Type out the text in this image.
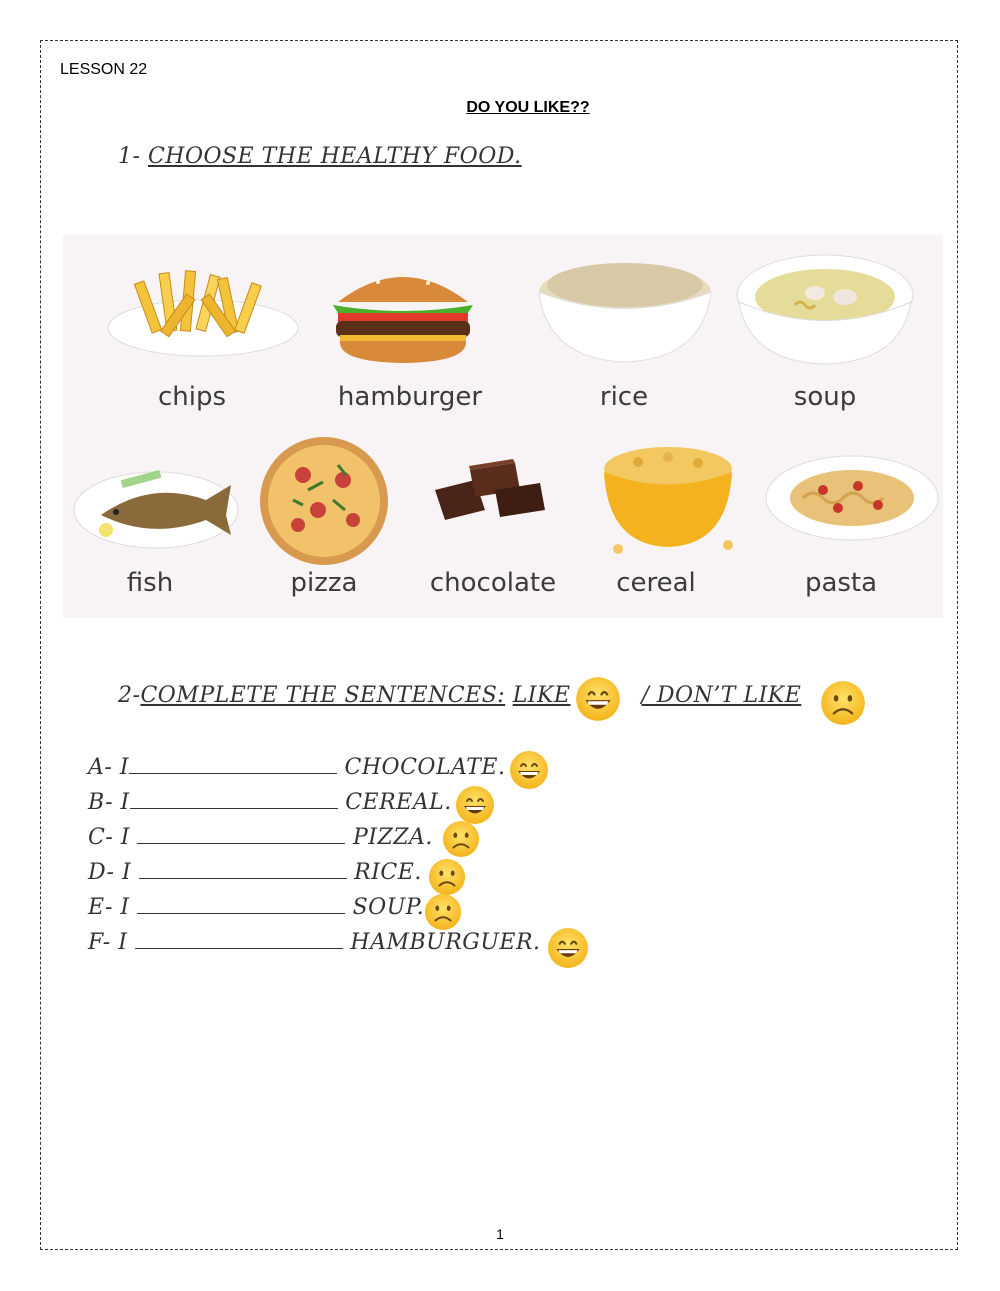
LESSON 22
DO YOU LIKE??
1- CHOOSE THE HEALTHY FOOD.
chips	hamburger	rice	soup
fish	pizza	chocolate	cereal	pasta
2-COMPLETE THE SENTENCES: LIKE	/ DON’T LIKE
A- I	CHOCOLATE.
B- I	CEREAL.
C- I	PIZZA.
D- I	RICE.
E- I	SOUP.
F- I	HAMBURGUER.
1
